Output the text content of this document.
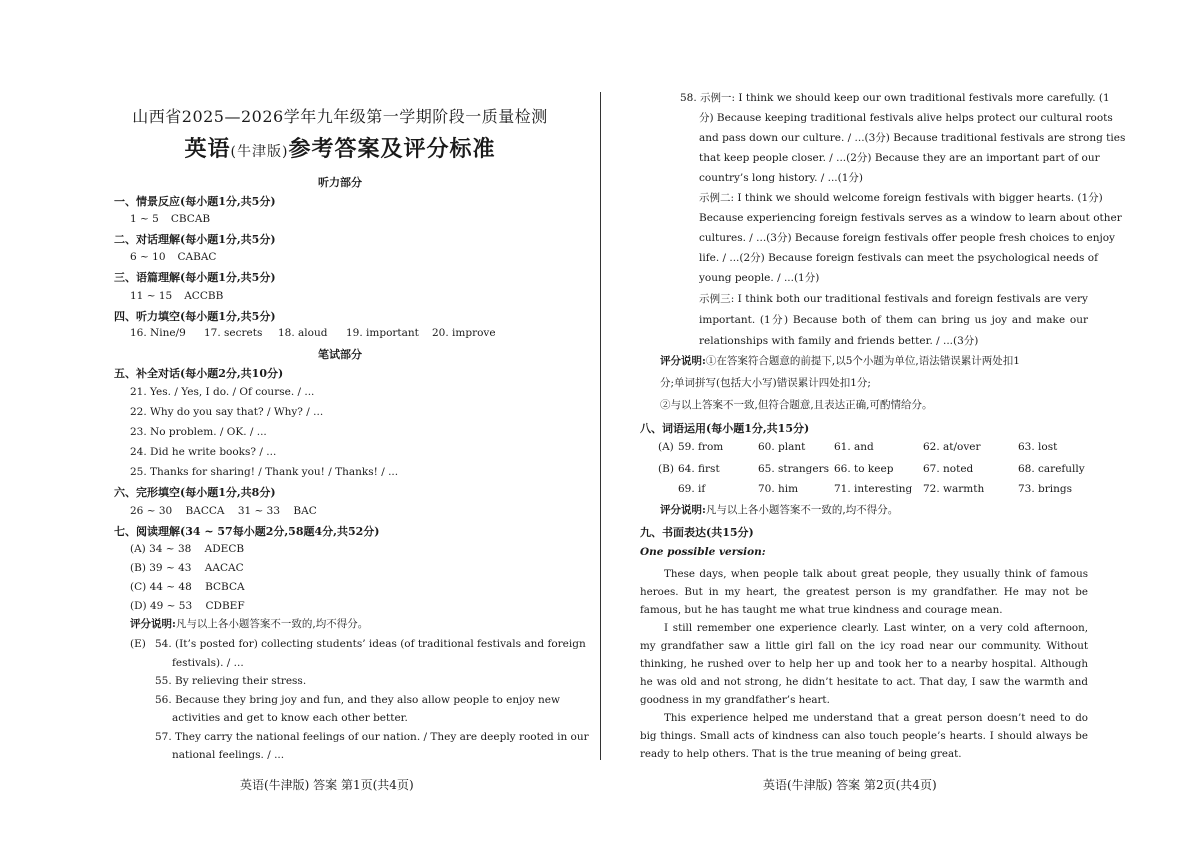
山西省2025—2026学年九年级第一学期阶段一质量检测
英语(牛津版)参考答案及评分标准
听力部分
一、情景反应(每小题1分,共5分)
1 ~ 5 CBCAB
二、对话理解(每小题1分,共5分)
6 ~ 10 CABAC
三、语篇理解(每小题1分,共5分)
11 ~ 15 ACCBB
四、听力填空(每小题1分,共5分)
16. Nine/9 17. secrets 18. aloud 19. important 20. improve
笔试部分
五、补全对话(每小题2分,共10分)
21. Yes. / Yes, I do. / Of course. / ...
22. Why do you say that? / Why? / ...
23. No problem. / OK. / ...
24. Did he write books? / ...
25. Thanks for sharing! / Thank you! / Thanks! / ...
六、完形填空(每小题1分,共8分)
26 ~ 30    BACCA    31 ~ 33    BAC
七、阅读理解(34 ~ 57每小题2分,58题4分,共52分)
(A) 34 ~ 38    ADECB
(B) 39 ~ 43    AACAC
(C) 44 ~ 48    BCBCA
(D) 49 ~ 53    CDBEF
评分说明:凡与以上各小题答案不一致的,均不得分。
(E) 54. (It’s posted for) collecting students’ ideas (of traditional festivals and foreign
festivals). / ...
55. By relieving their stress.
56. Because they bring joy and fun, and they also allow people to enjoy new
activities and get to know each other better.
57. They carry the national feelings of our nation. / They are deeply rooted in our
national feelings. / ...
英语(牛津版) 答案 第1页(共4页)
58. 示例一: I think we should keep our own traditional festivals more carefully. (1
分) Because keeping traditional festivals alive helps protect our cultural roots
and pass down our culture. / ...(3分) Because traditional festivals are strong ties
that keep people closer. / ...(2分) Because they are an important part of our
country’s long history. / ...(1分)
示例二: I think we should welcome foreign festivals with bigger hearts. (1分)
Because experiencing foreign festivals serves as a window to learn about other
cultures. / ...(3分) Because foreign festivals offer people fresh choices to enjoy
life. / ...(2分) Because foreign festivals can meet the psychological needs of
young people. / ...(1分)
示例三: I think both our traditional festivals and foreign festivals are very
important. (1分) Because both of them can bring us joy and make our
relationships with family and friends better. / ...(3分)
评分说明:①在答案符合题意的前提下,以5个小题为单位,语法错误累计两处扣1
分;单词拼写(包括大小写)错误累计四处扣1分;
②与以上答案不一致,但符合题意,且表达正确,可酌情给分。
八、词语运用(每小题1分,共15分)
(A) 59. from	60. plant	61. and	62. at/over	63. lost
(B) 64. first	65. strangers 66. to keep	67. noted	68. carefully
69. if	70. him	71. interesting 72. warmth	73. brings
评分说明:凡与以上各小题答案不一致的,均不得分。
九、书面表达(共15分)
One possible version:
These days, when people talk about great people, they usually think of famous heroes. But in my heart, the greatest person is my grandfather. He may not be famous, but he has taught me what true kindness and courage mean.
I still remember one experience clearly. Last winter, on a very cold afternoon, my grandfather saw a little girl fall on the icy road near our community. Without thinking, he rushed over to help her up and took her to a nearby hospital. Although he was old and not strong, he didn’t hesitate to act. That day, I saw the warmth and goodness in my grandfather’s heart.
This experience helped me understand that a great person doesn’t need to do big things. Small acts of kindness can also touch people’s hearts. I should always be ready to help others. That is the true meaning of being great.
英语(牛津版) 答案 第2页(共4页)
